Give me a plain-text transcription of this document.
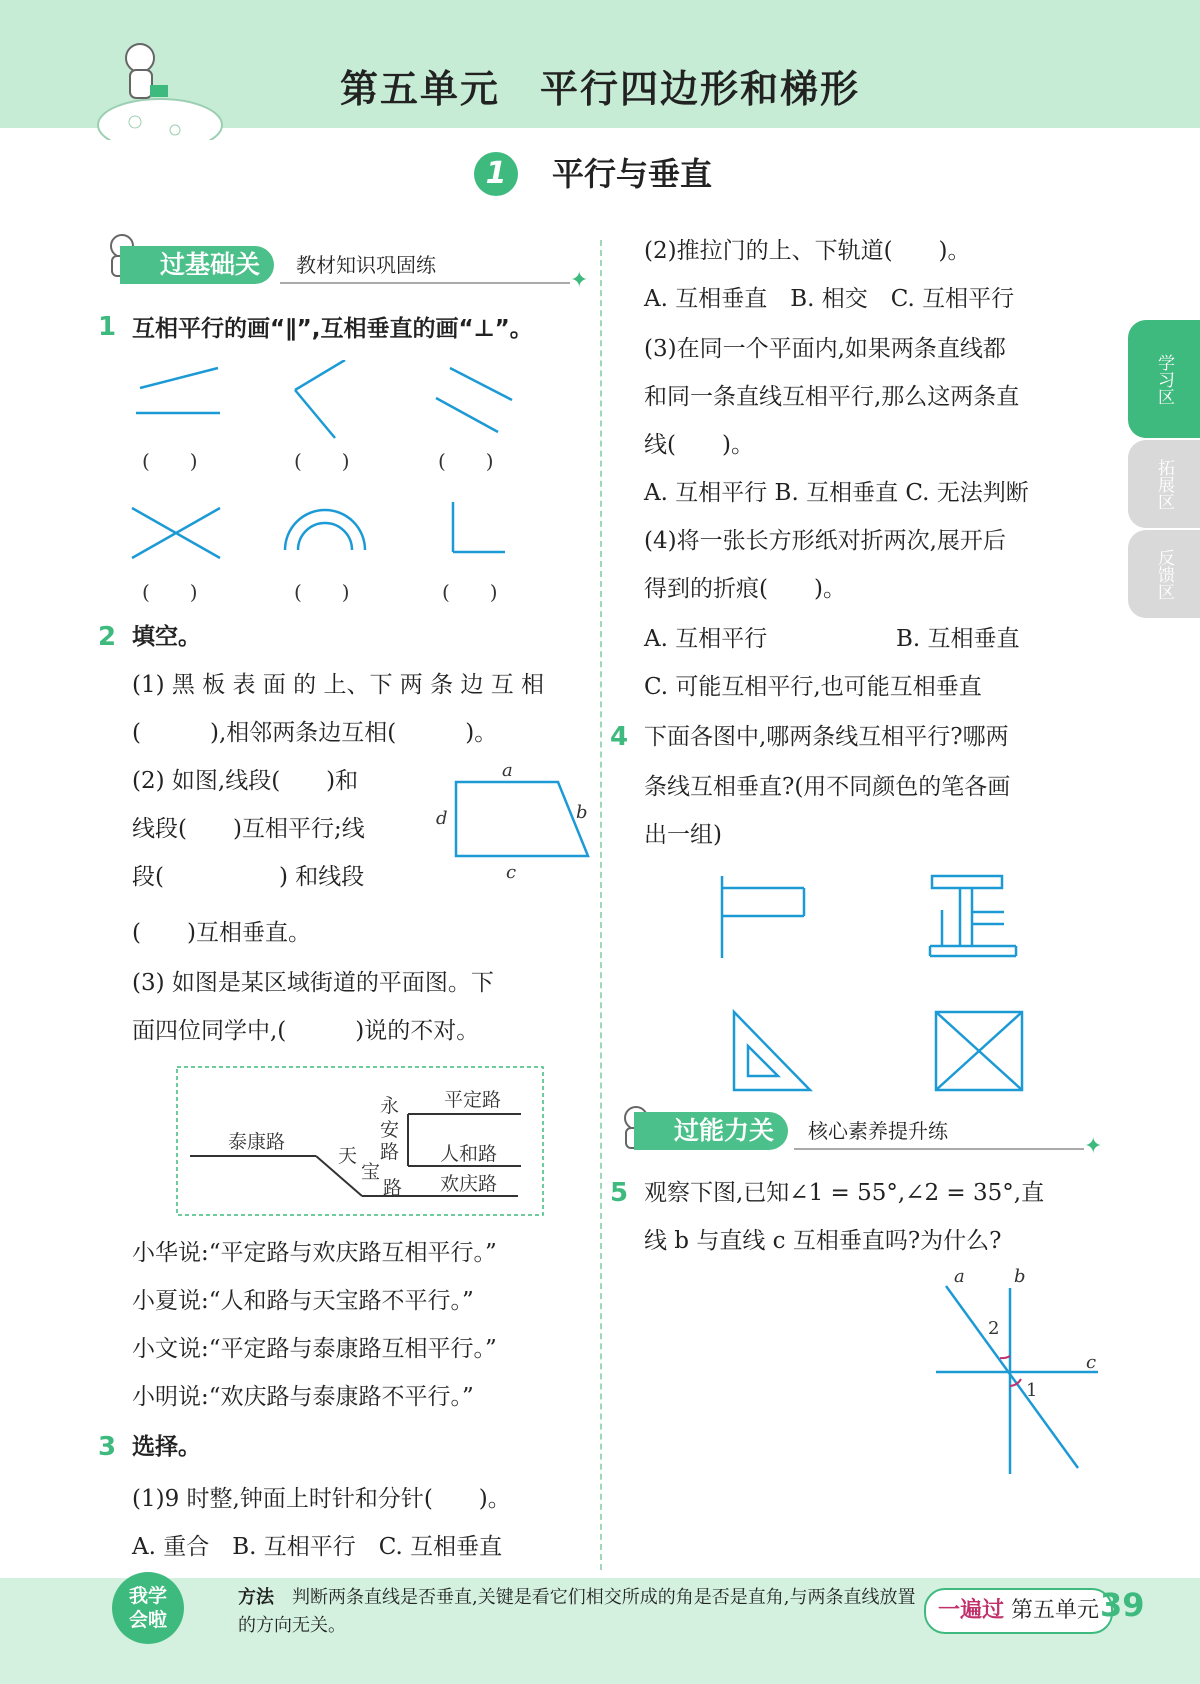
第五单元　平行四边形和梯形
1	平行与垂直
过基础关	教材知识巩固练
✦
1 互相平行的画“∥”,互相垂直的画“⊥”。
(　　)	(　　)	(　　)
(　　)	(　　)	(　　)
2 填空。
(1) 黑 板 表 面 的 上、下 两 条 边 互 相
(　　　),相邻两条边互相(　　　)。
(2) 如图,线段(　　)和
线段(　　)互相平行;线
段(　　　　　) 和线段
(　　)互相垂直。
a
b
c
d
(3) 如图是某区域街道的平面图。下
面四位同学中,(　　　)说的不对。
泰康路
天
宝
路
永
安
路
平定路
人和路
欢庆路
小华说:“平定路与欢庆路互相平行。”
小夏说:“人和路与天宝路不平行。”
小文说:“平定路与泰康路互相平行。”
小明说:“欢庆路与泰康路不平行。”
3 选择。
(1)9 时整,钟面上时针和分针(　　)。
A. 重合　B. 互相平行　C. 互相垂直
(2)推拉门的上、下轨道(　　)。
A. 互相垂直　B. 相交　C. 互相平行
(3)在同一个平面内,如果两条直线都
和同一条直线互相平行,那么这两条直
线(　　)。
A. 互相平行 B. 互相垂直 C. 无法判断
(4)将一张长方形纸对折两次,展开后
得到的折痕(　　)。
A. 互相平行	B. 互相垂直
C. 可能互相平行,也可能互相垂直
4 下面各图中,哪两条线互相平行?哪两
条线互相垂直?(用不同颜色的笔各画
出一组)
过能力关	核心素养提升练
✦
5 观察下图,已知∠1 = 55°,∠2 = 35°,直
线 b 与直线 c 互相垂直吗?为什么?
a	b
c
1
2
学习区
拓展区
反馈区
我学
会啦
方法　 判断两条直线是否垂直,关键是看它们相交所成的角是否是直角,与两条直线放置的方向无关。
一遍过 第五单元 39
